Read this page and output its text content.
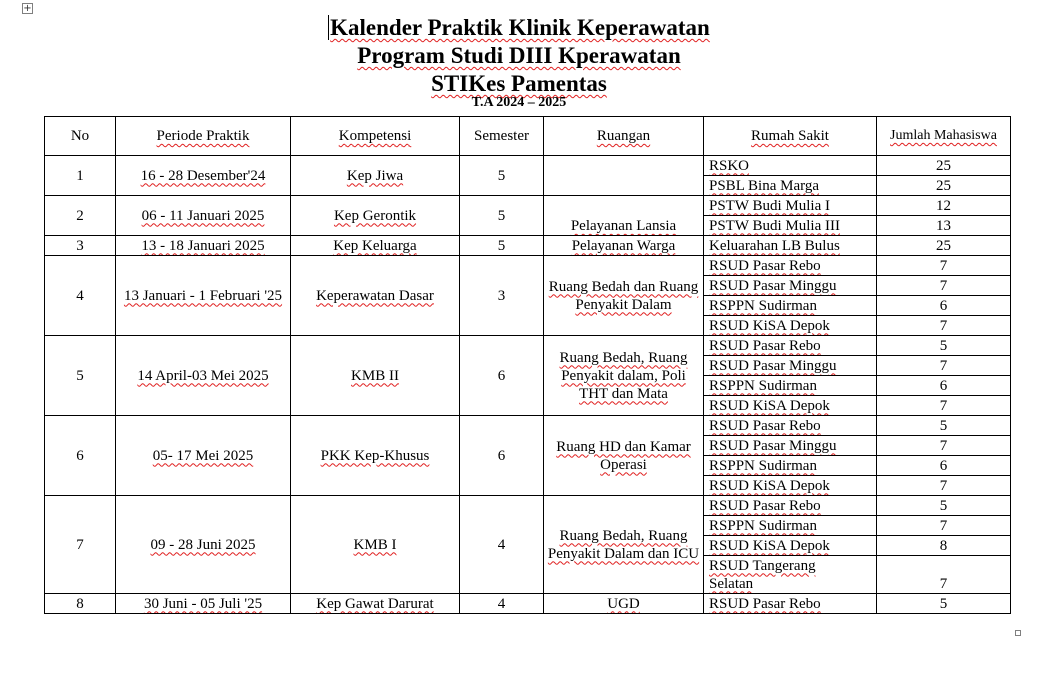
+
Kalender Praktik Klinik Keperawatan
Program Studi DIII Kperawatan
STIKes Pamentas
T.A 2024 – 2025
No	Periode Praktik	Kompetensi	Semester	Ruangan	Rumah Sakit	Jumlah Mahasiswa
1	16 - 28 Desember'24	Kep Jiwa	5		RSKO	25
					PSBL Bina Marga	25
2	06 - 11 Januari 2025	Kep Gerontik	5	Pelayanan Lansia	PSTW Budi Mulia I	12
					PSTW Budi Mulia III	13
3	13 - 18 Januari 2025	Kep Keluarga	5	Pelayanan Warga	Keluarahan LB Bulus	25
4	13 Januari - 1 Februari '25	Keperawatan Dasar	3	Ruang Bedah dan Ruang Penyakit Dalam	RSUD Pasar Rebo	7
					RSUD Pasar Minggu	7
					RSPPN Sudirman	6
					RSUD KiSA Depok	7
5	14 April-03 Mei 2025	KMB II	6	Ruang Bedah, Ruang Penyakit dalam, Poli THT dan Mata	RSUD Pasar Rebo	5
					RSUD Pasar Minggu	7
					RSPPN Sudirman	6
					RSUD KiSA Depok	7
6	05- 17 Mei 2025	PKK Kep-Khusus	6	Ruang HD dan Kamar Operasi	RSUD Pasar Rebo	5
					RSUD Pasar Minggu	7
					RSPPN Sudirman	6
					RSUD KiSA Depok	7
7	09 - 28 Juni 2025	KMB I	4	Ruang Bedah, Ruang Penyakit Dalam dan ICU	RSUD Pasar Rebo	5
					RSPPN Sudirman	7
					RSUD KiSA Depok	8
					RSUD Tangerang Selatan	7
8	30 Juni - 05 Juli '25	Kep Gawat Darurat	4	UGD	RSUD Pasar Rebo	5
